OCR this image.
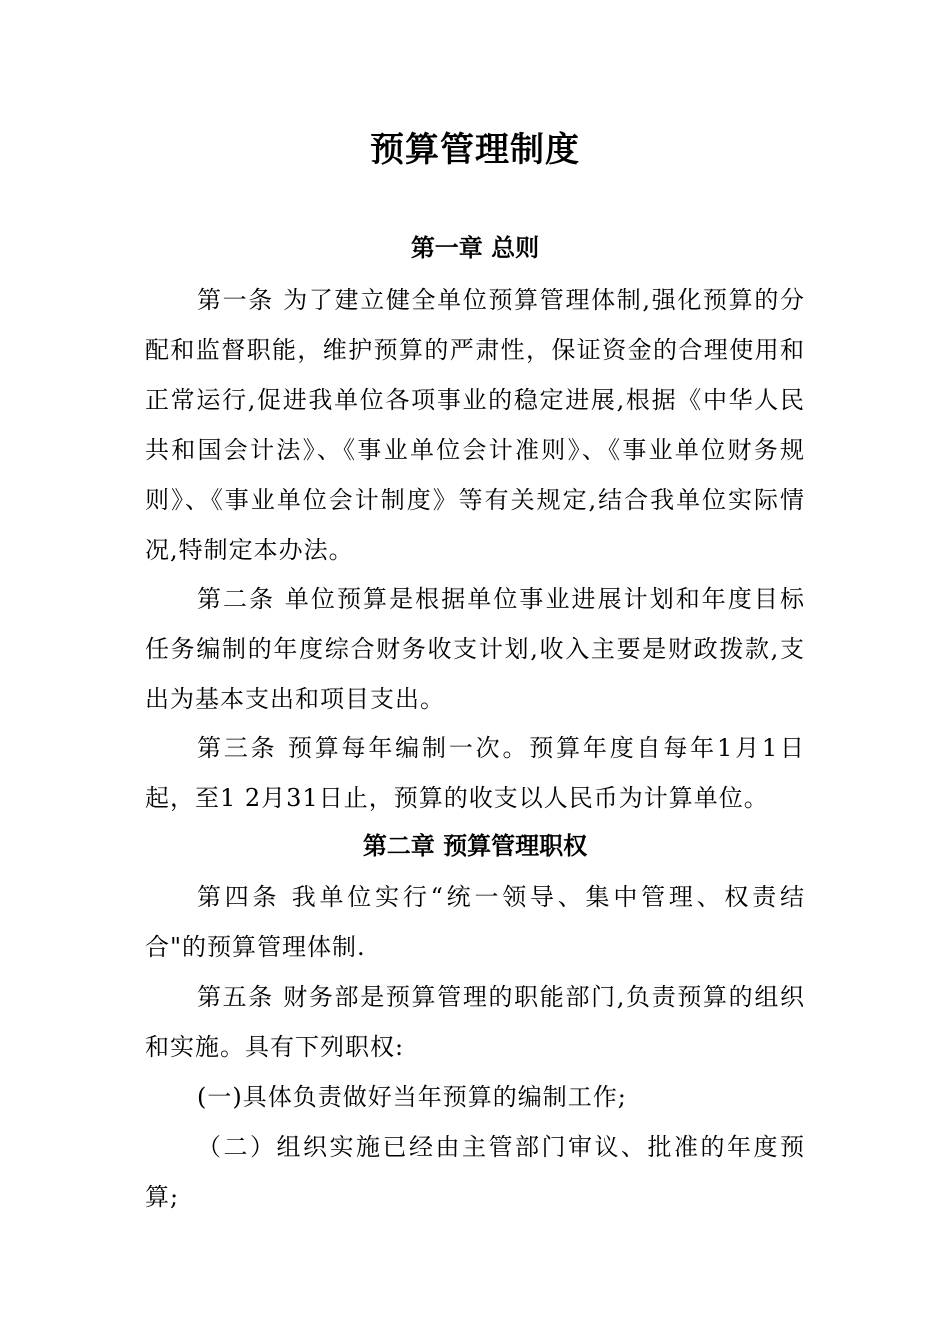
预算管理制度
第一章 总则

第一条 为了建立健全单位预算管理体制,强化预算的分配和监督职能，维护预算的严肃性，保证资金的合理使用和正常运行,促进我单位各项事业的稳定进展,根据《中华人民共和国会计法》、《事业单位会计准则》、《事业单位财务规则》、《事业单位会计制度》等有关规定,结合我单位实际情况,特制定本办法。

第二条 单位预算是根据单位事业进展计划和年度目标任务编制的年度综合财务收支计划,收入主要是财政拨款,支出为基本支出和项目支出。

第三条 预算每年编制一次。预算年度自每年1月1日起，至1 2月31日止，预算的收支以人民币为计算单位。

第二章 预算管理职权

第四条 我单位实行“统一领导、集中管理、权责结合"的预算管理体制.

第五条 财务部是预算管理的职能部门,负责预算的组织和实施。具有下列职权:

(一)具体负责做好当年预算的编制工作;

（二）组织实施已经由主管部门审议、批准的年度预算;
